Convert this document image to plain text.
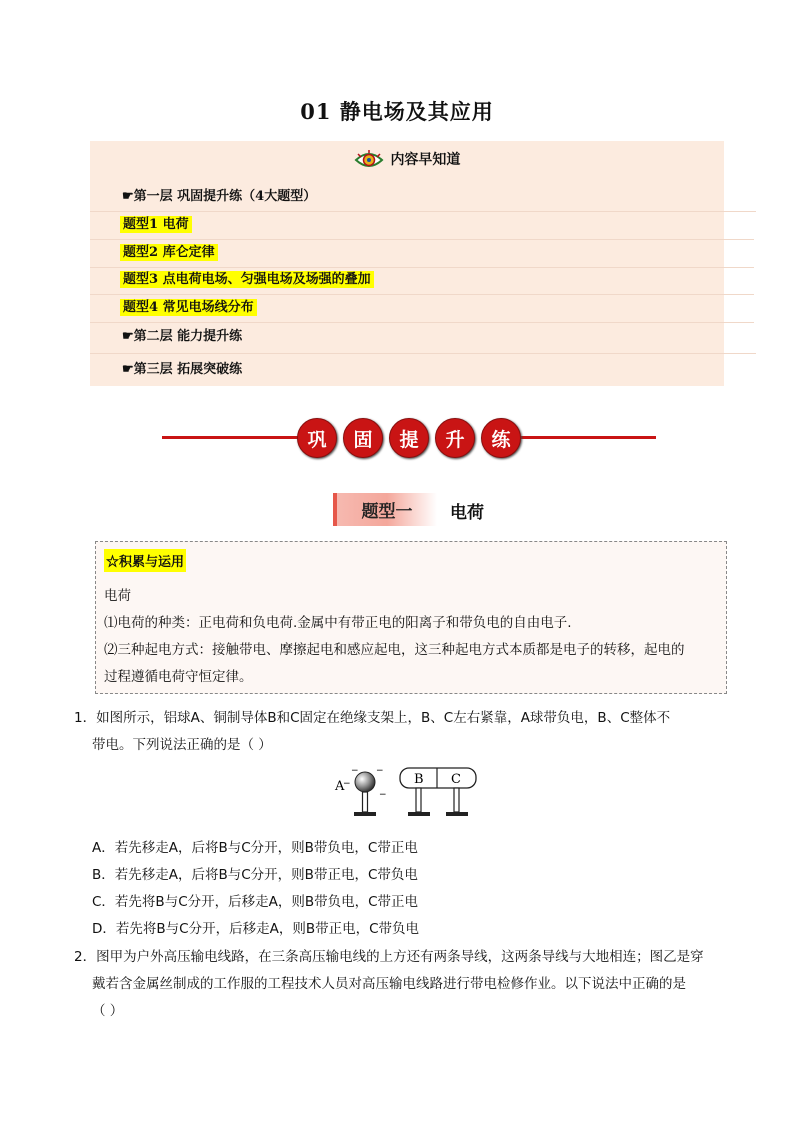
01 静电场及其应用
内容早知道
☛第一层 巩固提升练（4大题型）
题型1 电荷
题型2 库仑定律
题型3 点电荷电场、匀强电场及场强的叠加
题型4 常见电场线分布
☛第二层 能力提升练
☛第三层 拓展突破练
巩	固	提	升	练
题型一	电荷
☆积累与运用
电荷
⑴电荷的种类：正电荷和负电荷.金属中有带正电的阳离子和带负电的自由电子.
⑵三种起电方式：接触带电、摩擦起电和感应起电，这三种起电方式本质都是电子的转移，起电的
过程遵循电荷守恒定律。
1．如图所示，铝球A、铜制导体B和C固定在绝缘支架上，B、C左右紧靠，A球带负电，B、C整体不
带电。下列说法正确的是（ ）
− −
−
−
A	B C
A．若先移走A，后将B与C分开，则B带负电，C带正电
B．若先移走A，后将B与C分开，则B带正电，C带负电
C．若先将B与C分开，后移走A，则B带负电，C带正电
D．若先将B与C分开，后移走A，则B带正电，C带负电
2．图甲为户外高压输电线路，在三条高压输电线的上方还有两条导线，这两条导线与大地相连；图乙是穿
戴若含金属丝制成的工作服的工程技术人员对高压输电线路进行带电检修作业。以下说法中正确的是
（ ）
